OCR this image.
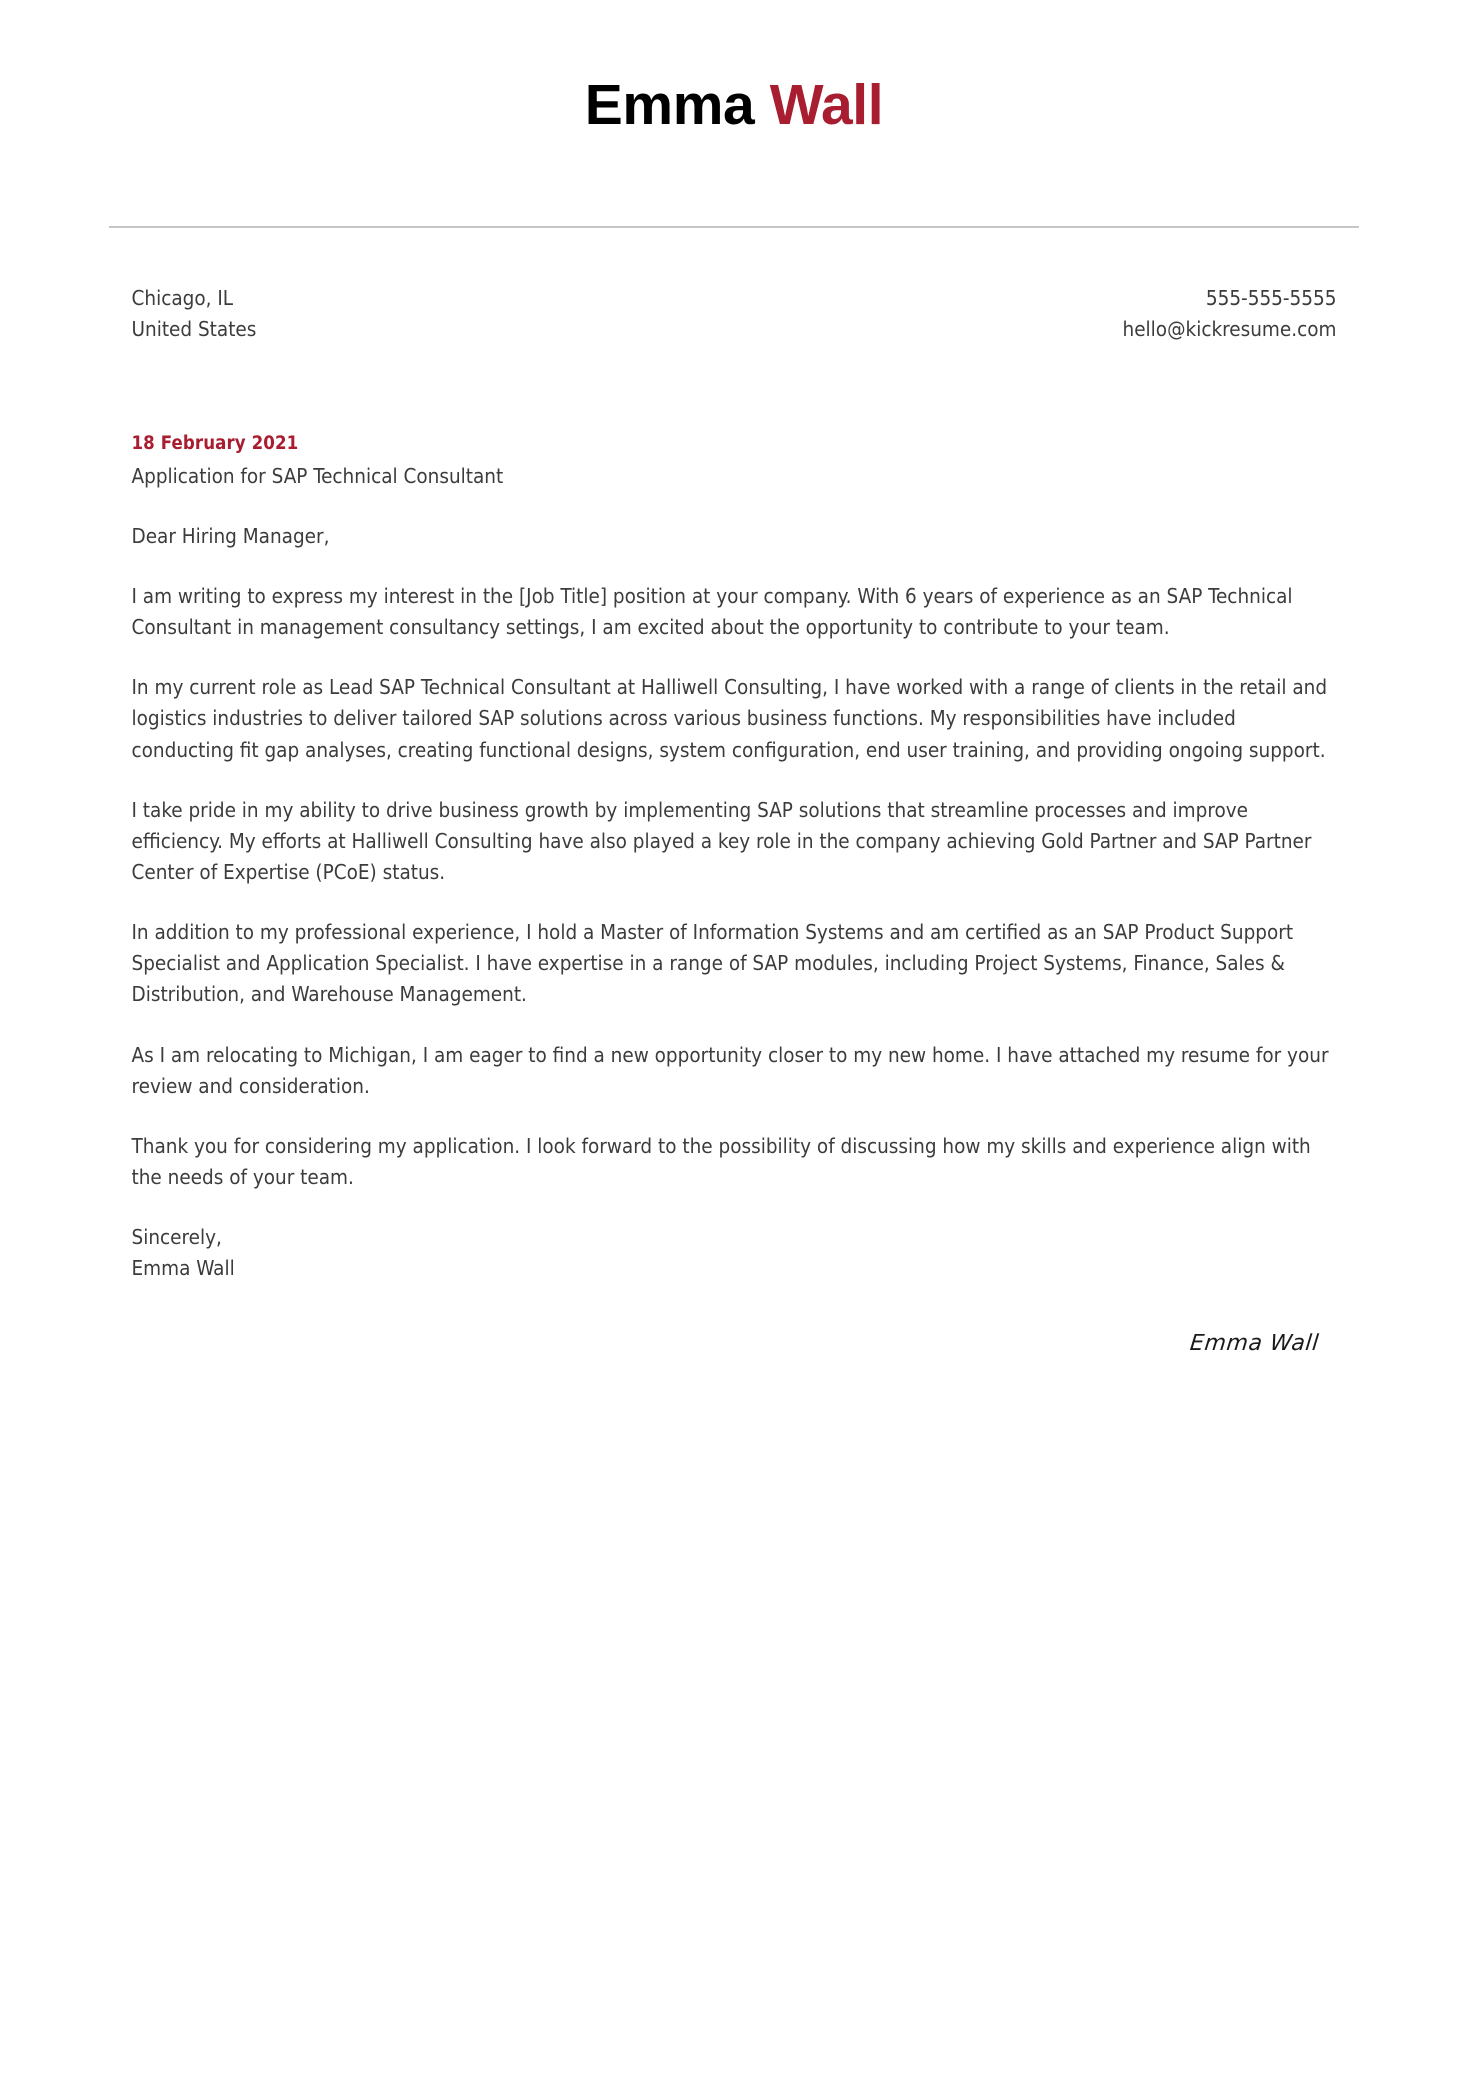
Emma Wall
Chicago, IL
United States
555-555-5555
hello@kickresume.com
18 February 2021
Application for SAP Technical Consultant
Dear Hiring Manager,

I am writing to express my interest in the [Job Title] position at your company. With 6 years of experience as an SAP Technical Consultant in management consultancy settings, I am excited about the opportunity to contribute to your team.

In my current role as Lead SAP Technical Consultant at Halliwell Consulting, I have worked with a range of clients in the retail and logistics industries to deliver tailored SAP solutions across various business functions. My responsibilities have included conducting fit gap analyses, creating functional designs, system configuration, end user training, and providing ongoing support.

I take pride in my ability to drive business growth by implementing SAP solutions that streamline processes and improve efficiency. My efforts at Halliwell Consulting have also played a key role in the company achieving Gold Partner and SAP Partner Center of Expertise (PCoE) status.

In addition to my professional experience, I hold a Master of Information Systems and am certified as an SAP Product Support Specialist and Application Specialist. I have expertise in a range of SAP modules, including Project Systems, Finance, Sales & Distribution, and Warehouse Management.

As I am relocating to Michigan, I am eager to find a new opportunity closer to my new home. I have attached my resume for your review and consideration.

Thank you for considering my application. I look forward to the possibility of discussing how my skills and experience align with the needs of your team.

Sincerely,
Emma Wall
Emma Wall
